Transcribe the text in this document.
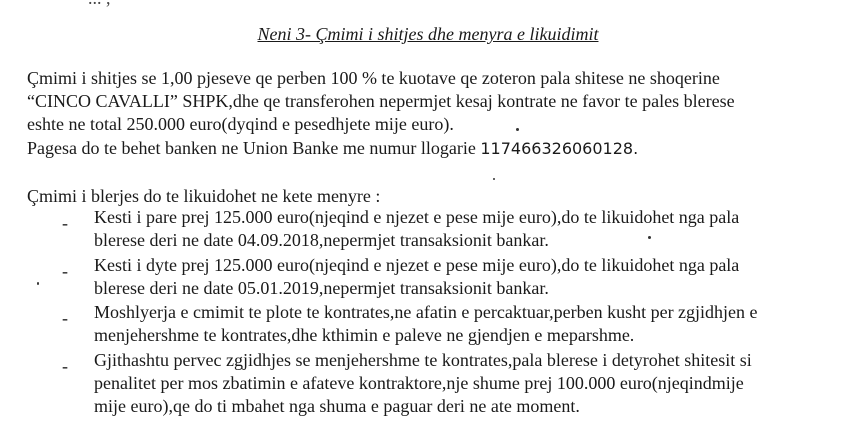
Neni 3- Çmimi i shitjes dhe menyra e likuidimit
Çmimi i shitjes se 1,00 pjeseve qe perben 100 % te kuotave qe zoteron pala shitese ne shoqerine
“CINCO CAVALLI” SHPK,dhe qe transferohen nepermjet kesaj kontrate ne favor te pales blerese
eshte ne total 250.000 euro(dyqind e pesedhjete mije euro).
Pagesa do te behet banken ne Union Banke me numur llogarie 117466326060128.
Çmimi i blerjes do te likuidohet ne kete menyre :
- Kesti i pare prej 125.000 euro(njeqind e njezet e pese mije euro),do te likuidohet nga pala
blerese deri ne date 04.09.2018,nepermjet transaksionit bankar.
- Kesti i dyte prej 125.000 euro(njeqind e njezet e pese mije euro),do te likuidohet nga pala
blerese deri ne date 05.01.2019,nepermjet transaksionit bankar.
- Moshlyerja e cmimit te plote te kontrates,ne afatin e percaktuar,perben kusht per zgjidhjen e
menjehershme te kontrates,dhe kthimin e paleve ne gjendjen e meparshme.
- Gjithashtu pervec zgjidhjes se menjehershme te kontrates,pala blerese i detyrohet shitesit si
penalitet per mos zbatimin e afateve kontraktore,nje shume prej 100.000 euro(njeqindmije
mije euro),qe do ti mbahet nga shuma e paguar deri ne ate moment.
